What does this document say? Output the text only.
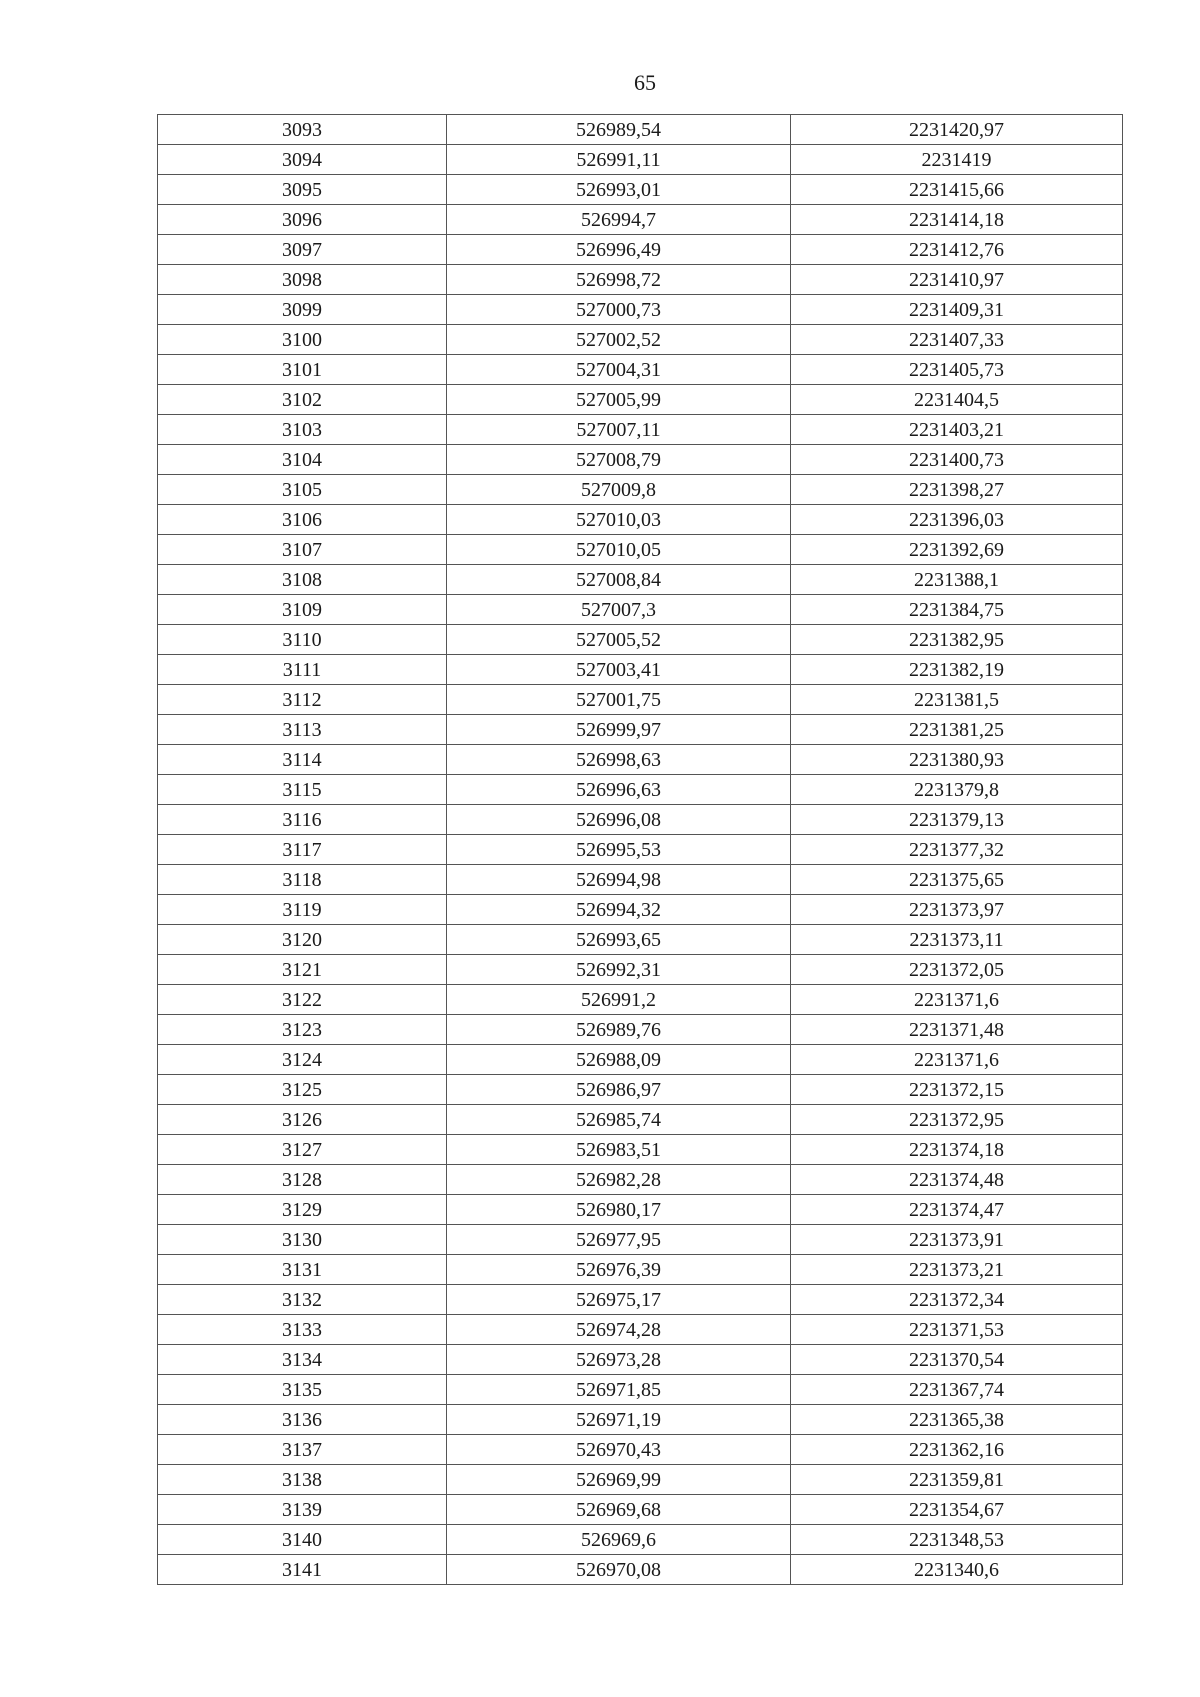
65
3093	526989,54	2231420,97
3094	526991,11	2231419
3095	526993,01	2231415,66
3096	526994,7	2231414,18
3097	526996,49	2231412,76
3098	526998,72	2231410,97
3099	527000,73	2231409,31
3100	527002,52	2231407,33
3101	527004,31	2231405,73
3102	527005,99	2231404,5
3103	527007,11	2231403,21
3104	527008,79	2231400,73
3105	527009,8	2231398,27
3106	527010,03	2231396,03
3107	527010,05	2231392,69
3108	527008,84	2231388,1
3109	527007,3	2231384,75
3110	527005,52	2231382,95
3111	527003,41	2231382,19
3112	527001,75	2231381,5
3113	526999,97	2231381,25
3114	526998,63	2231380,93
3115	526996,63	2231379,8
3116	526996,08	2231379,13
3117	526995,53	2231377,32
3118	526994,98	2231375,65
3119	526994,32	2231373,97
3120	526993,65	2231373,11
3121	526992,31	2231372,05
3122	526991,2	2231371,6
3123	526989,76	2231371,48
3124	526988,09	2231371,6
3125	526986,97	2231372,15
3126	526985,74	2231372,95
3127	526983,51	2231374,18
3128	526982,28	2231374,48
3129	526980,17	2231374,47
3130	526977,95	2231373,91
3131	526976,39	2231373,21
3132	526975,17	2231372,34
3133	526974,28	2231371,53
3134	526973,28	2231370,54
3135	526971,85	2231367,74
3136	526971,19	2231365,38
3137	526970,43	2231362,16
3138	526969,99	2231359,81
3139	526969,68	2231354,67
3140	526969,6	2231348,53
3141	526970,08	2231340,6
